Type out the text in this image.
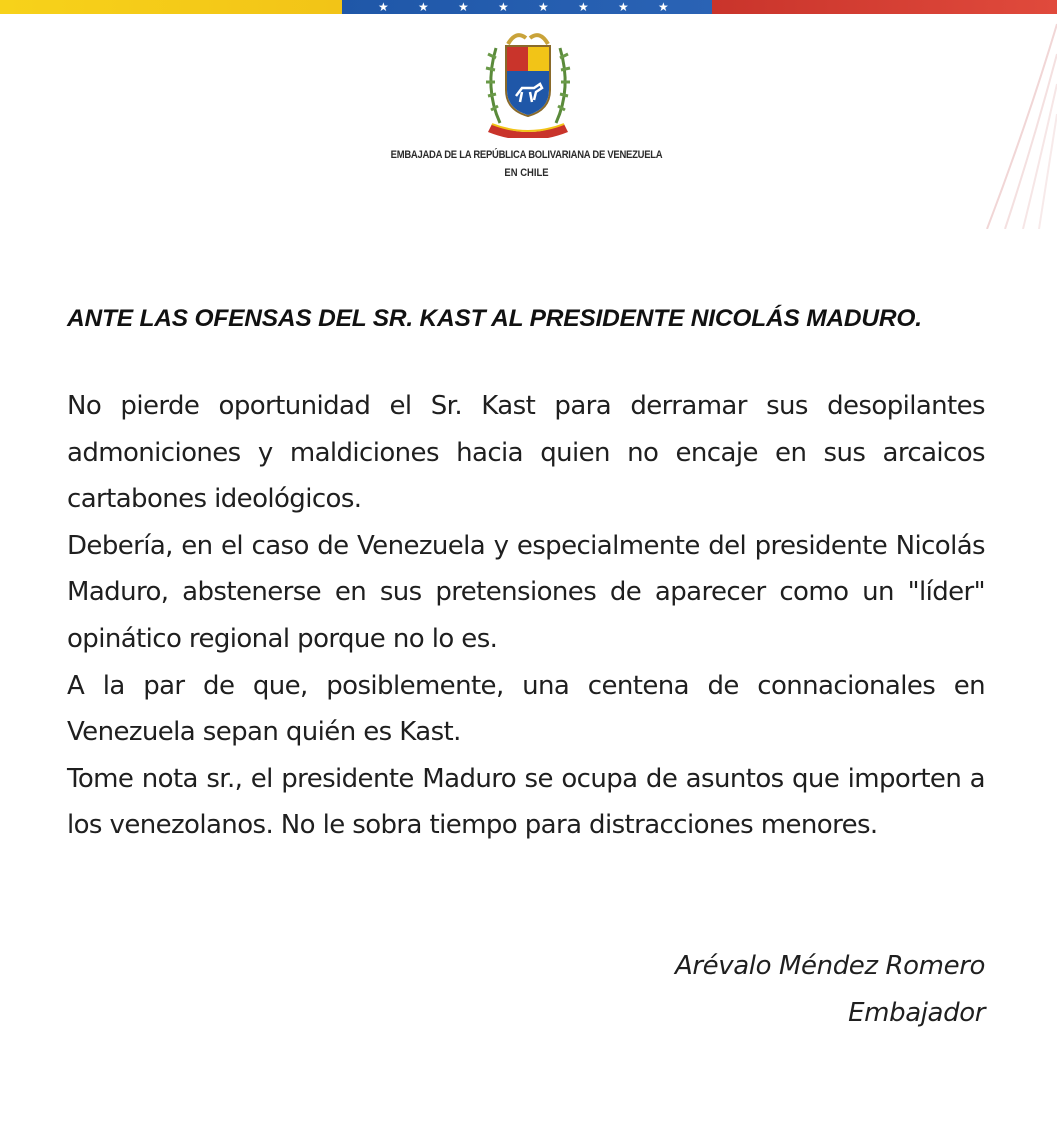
★ ★ ★ ★ ★ ★ ★ ★
EMBAJADA DE LA REPÚBLICA BOLIVARIANA DE VENEZUELA
EN CHILE
ANTE LAS OFENSAS DEL SR. KAST AL PRESIDENTE NICOLÁS MADURO.

No pierde oportunidad el Sr. Kast para derramar sus desopilantes admoniciones y maldiciones hacia quien no encaje en sus arcaicos cartabones ideológicos.

Debería, en el caso de Venezuela y especialmente del presidente Nicolás Maduro, abstenerse en sus pretensiones de aparecer como un "líder" opinático regional porque no lo es.

A la par de que, posiblemente, una centena de connacionales en Venezuela sepan quién es Kast.

Tome nota sr., el presidente Maduro se ocupa de asuntos que importen a los venezolanos. No le sobra tiempo para distracciones menores.

Arévalo Méndez Romero
Embajador
